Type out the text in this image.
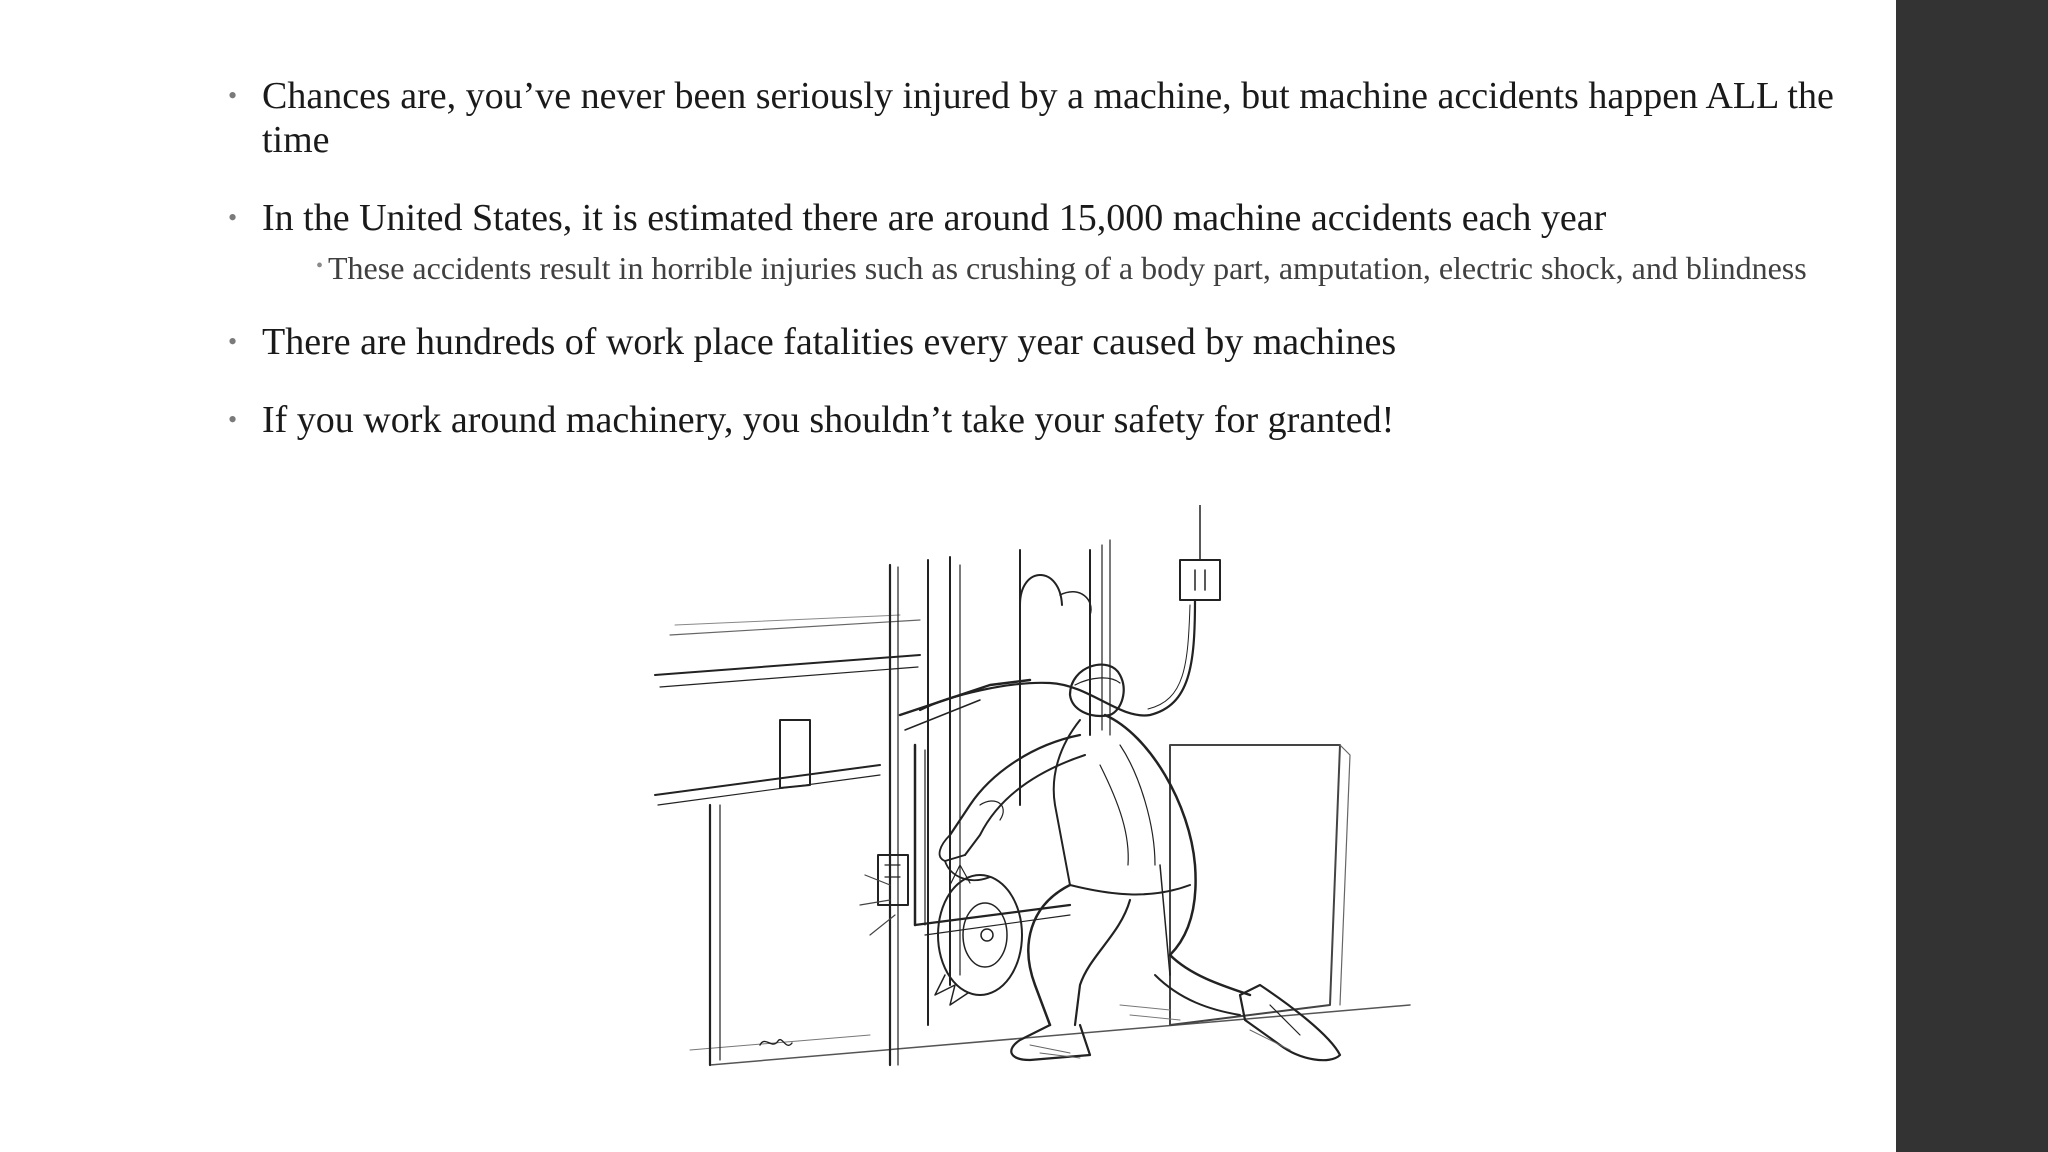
• Chances are, you’ve never been seriously injured by a machine, but machine accidents happen ALL the time
• In the United States, it is estimated there are around 15,000 machine accidents each year
• These accidents result in horrible injuries such as crushing of a body part, amputation, electric shock, and blindness
• There are hundreds of work place fatalities every year caused by machines
• If you work around machinery, you shouldn’t take your safety for granted!
